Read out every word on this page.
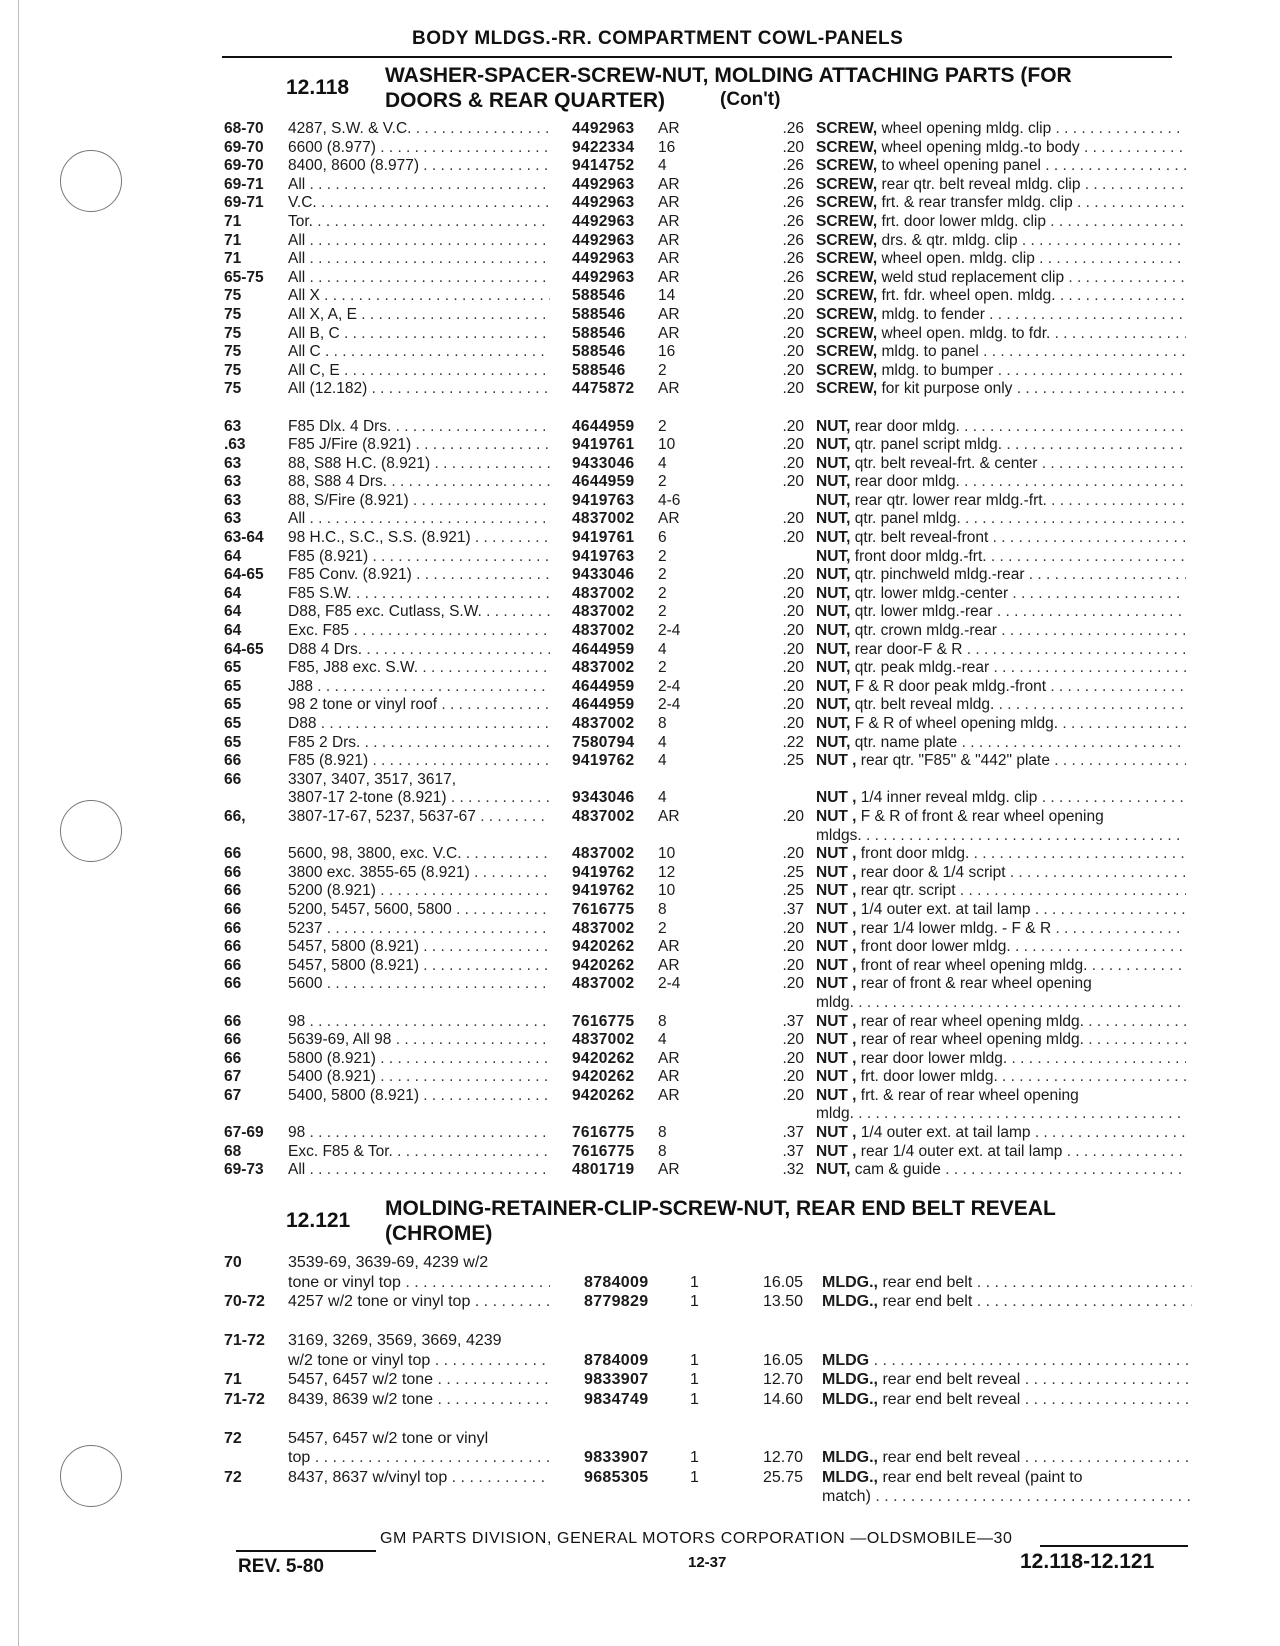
BODY MLDGS.-RR. COMPARTMENT COWL-PANELS
12.118
WASHER-SPACER-SCREW-NUT, MOLDING ATTACHING PARTS (FOR
DOORS & REAR QUARTER)	(Con't)
68-70	4287, S.W. & V.C. . . .	4492963	AR	.26 SCREW, wheel opening mldg. clip . . .
69-70	6600 (8.977) . . .	9422334	16	.20 SCREW, wheel opening mldg.-to body . . .
69-70	8400, 8600 (8.977) . . .	9414752	4	.26 SCREW, to wheel opening panel . . .
69-71	All . . .	4492963	AR	.26 SCREW, rear qtr. belt reveal mldg. clip . . .
69-71	V.C. . . .	4492963	AR	.26 SCREW, frt. & rear transfer mldg. clip . . .
71	Tor. . . .	4492963	AR	.26 SCREW, frt. door lower mldg. clip . . .
71	All . . .	4492963	AR	.26 SCREW, drs. & qtr. mldg. clip . . .
71	All . . .	4492963	AR	.26 SCREW, wheel open. mldg. clip . . .
65-75	All . . .	4492963	AR	.26 SCREW, weld stud replacement clip . . .
75	All X . . .	588546	14	.20 SCREW, frt. fdr. wheel open. mldg. . . .
75	All X, A, E . . .	588546	AR	.20 SCREW, mldg. to fender . . .
75	All B, C . . .	588546	AR	.20 SCREW, wheel open. mldg. to fdr. . . .
75	All C . . .	588546	16	.20 SCREW, mldg. to panel . . .
75	All C, E . . .	588546	2	.20 SCREW, mldg. to bumper . . .
75	All (12.182) . . .	4475872	AR	.20 SCREW, for kit purpose only . . .
63	F85 Dlx. 4 Drs. . . .	4644959	2	.20 NUT, rear door mldg. . . .
.63	F85 J/Fire (8.921) . . .	9419761	10	.20 NUT, qtr. panel script mldg. . . .
63	88, S88 H.C. (8.921) . . .	9433046	4	.20 NUT, qtr. belt reveal-frt. & center . . .
63	88, S88 4 Drs. . . .	4644959	2	.20 NUT, rear door mldg. . . .
63	88, S/Fire (8.921) . . .	9419763	4-6	NUT, rear qtr. lower rear mldg.-frt. . . .
63	All . . .	4837002	AR	.20 NUT, qtr. panel mldg. . . .
63-64	98 H.C., S.C., S.S. (8.921) . . .	9419761	6	.20 NUT, qtr. belt reveal-front . . .
64	F85 (8.921) . . .	9419763	2	NUT, front door mldg.-frt. . . .
64-65	F85 Conv. (8.921) . . .	9433046	2	.20 NUT, qtr. pinchweld mldg.-rear . . .
64	F85 S.W. . . .	4837002	2	.20 NUT, qtr. lower mldg.-center . . .
64	D88, F85 exc. Cutlass, S.W. . . .	4837002	2	.20 NUT, qtr. lower mldg.-rear . . .
64	Exc. F85 . . .	4837002	2-4	.20 NUT, qtr. crown mldg.-rear . . .
64-65	D88 4 Drs. . . .	4644959	4	.20 NUT, rear door-F & R . . .
65	F85, J88 exc. S.W. . . .	4837002	2	.20 NUT, qtr. peak mldg.-rear . . .
65	J88 . . .	4644959	2-4	.20 NUT, F & R door peak mldg.-front . . .
65	98 2 tone or vinyl roof . . .	4644959	2-4	.20 NUT, qtr. belt reveal mldg. . . .
65	D88 . . .	4837002	8	.20 NUT, F & R of wheel opening mldg. . . .
65	F85 2 Drs. . . .	7580794	4	.22 NUT, qtr. name plate . . .
66	F85 (8.921) . . .	9419762	4	.25 NUT , rear qtr. "F85" & "442" plate . . .
66	3307, 3407, 3517, 3617,
3807-17 2-tone (8.921) . . .	9343046	4	NUT , 1/4 inner reveal mldg. clip . . .
66,	3807-17-67, 5237, 5637-67 . . .	4837002	AR	.20 NUT , F & R of front & rear wheel opening
mldgs. . . .
66	5600, 98, 3800, exc. V.C. . . .	4837002	10	.20 NUT , front door mldg. . . .
66	3800 exc. 3855-65 (8.921) . . .	9419762	12	.25 NUT , rear door & 1/4 script . . .
66	5200 (8.921) . . .	9419762	10	.25 NUT , rear qtr. script . . .
66	5200, 5457, 5600, 5800 . . .	7616775	8	.37 NUT , 1/4 outer ext. at tail lamp . . .
66	5237 . . .	4837002	2	.20 NUT , rear 1/4 lower mldg. - F & R . . .
66	5457, 5800 (8.921) . . .	9420262	AR	.20 NUT , front door lower mldg. . . .
66	5457, 5800 (8.921) . . .	9420262	AR	.20 NUT , front of rear wheel opening mldg. . . .
66	5600 . . .	4837002	2-4	.20 NUT , rear of front & rear wheel opening
mldg. . . .
66	98 . . .	7616775	8	.37 NUT , rear of rear wheel opening mldg. . . .
66	5639-69, All 98 . . .	4837002	4	.20 NUT , rear of rear wheel opening mldg. . . .
66	5800 (8.921) . . .	9420262	AR	.20 NUT , rear door lower mldg. . . .
67	5400 (8.921) . . .	9420262	AR	.20 NUT , frt. door lower mldg. . . .
67	5400, 5800 (8.921) . . .	9420262	AR	.20 NUT , frt. & rear of rear wheel opening
mldg. . . .
67-69	98 . . .	7616775	8	.37 NUT , 1/4 outer ext. at tail lamp . . .
68	Exc. F85 & Tor. . . .	7616775	8	.37 NUT , rear 1/4 outer ext. at tail lamp . . .
69-73	All . . .	4801719	AR	.32 NUT, cam & guide . . .
12.121
MOLDING-RETAINER-CLIP-SCREW-NUT, REAR END BELT REVEAL
(CHROME)
70	3539-69, 3639-69, 4239 w/2
tone or vinyl top . . .	8784009	1	16.05 MLDG., rear end belt . . .
70-72	4257 w/2 tone or vinyl top . . .	8779829	1	13.50 MLDG., rear end belt . . .
71-72	3169, 3269, 3569, 3669, 4239
w/2 tone or vinyl top . . .	8784009	1	16.05 MLDG . . .
71	5457, 6457 w/2 tone . . .	9833907	1	12.70 MLDG., rear end belt reveal . . .
71-72	8439, 8639 w/2 tone . . .	9834749	1	14.60 MLDG., rear end belt reveal . . .
72	5457, 6457 w/2 tone or vinyl
top . . .	9833907	1	12.70 MLDG., rear end belt reveal . . .
72	8437, 8637 w/vinyl top . . .	9685305	1	25.75 MLDG., rear end belt reveal (paint to
match) . . .
GM PARTS DIVISION, GENERAL MOTORS CORPORATION —OLDSMOBILE—30
REV. 5-80	12-37	12.118-12.121
